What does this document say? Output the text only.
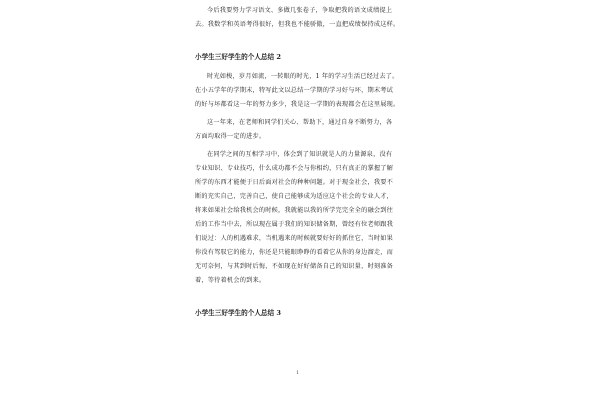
今后我要努力学习语文、多做几张卷子，争取把我的语文成绩提上
去。我数学和英语考得很好，但我也不能骄傲，一直把成绩保持成这样。
小学生三好学生的个人总结 2
时光如梭，岁月如流，一转眼的时光，1 年的学习生活已经过去了。
在小五学年的学期末，特写此文以总结一学期的学习好与坏，期末考试
的好与坏都看这一年的努力多少，我是这一学期的表现都会在这里展现。
这一年来，在老师和同学们关心、帮助下，通过自身不断努力，各
方面均取得一定的进步。
在同学之间的互相学习中，体会到了知识就是人的力量源泉，没有
专业知识、专业技巧，什么成功都不会与你相约，只有真正的掌握了解
所学的东西才能便于日后面对社会的种种问题。对于现金社会，我要不
断的充实自己，完善自己，使自己能够成为适应这个社会的专业人才，
将来如果社会给我机会的时候，我就能以我的所学完完全全的融会到往
后的工作当中去，所以现在属于我们的知识储备期，曾经有位老师跟我
们说过：人的机遇难求，当机遇来的时候就要好好的抓住它，当时如果
你没有驾驭它的能力，你还是只能眼睁睁的看着它从你的身边溜走，而
无可奈何，与其到时后悔，不如现在好好储备自己的知识量，时刻准备
着，等待着机会的到来。
小学生三好学生的个人总结 3
1
